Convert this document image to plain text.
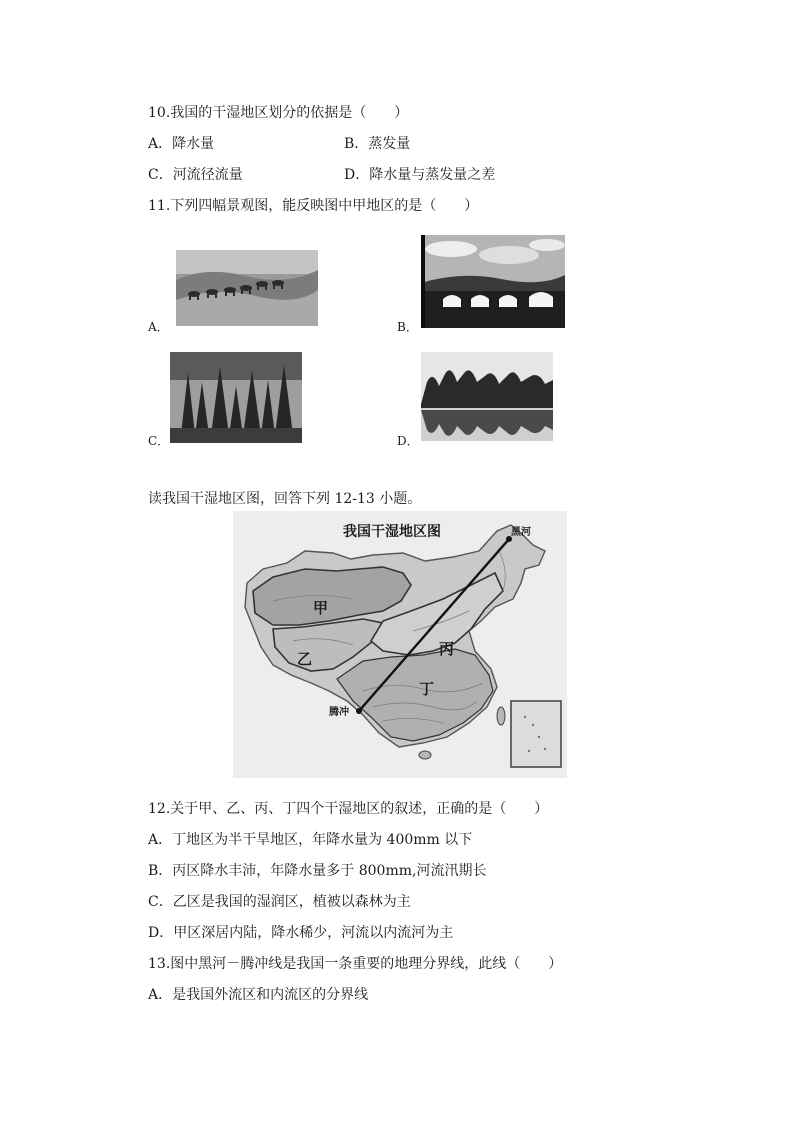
10.我国的干湿地区划分的依据是（　　）
A．降水量	B．蒸发量
C．河流径流量	D．降水量与蒸发量之差
11.下列四幅景观图，能反映图中甲地区的是（　　）
A．	B．
C．	D．
读我国干湿地区图，回答下列 12-13 小题。
我国干湿地区图
甲
乙
丙
丁
黑河
腾冲
12.关于甲、乙、丙、丁四个干湿地区的叙述，正确的是（　　）
A．丁地区为半干旱地区，年降水量为 400mm 以下
B．丙区降水丰沛，年降水量多于 800mm,河流汛期长
C．乙区是我国的湿润区，植被以森林为主
D．甲区深居内陆，降水稀少，河流以内流河为主
13.图中黑河－腾冲线是我国一条重要的地理分界线，此线（　　）
A．是我国外流区和内流区的分界线
